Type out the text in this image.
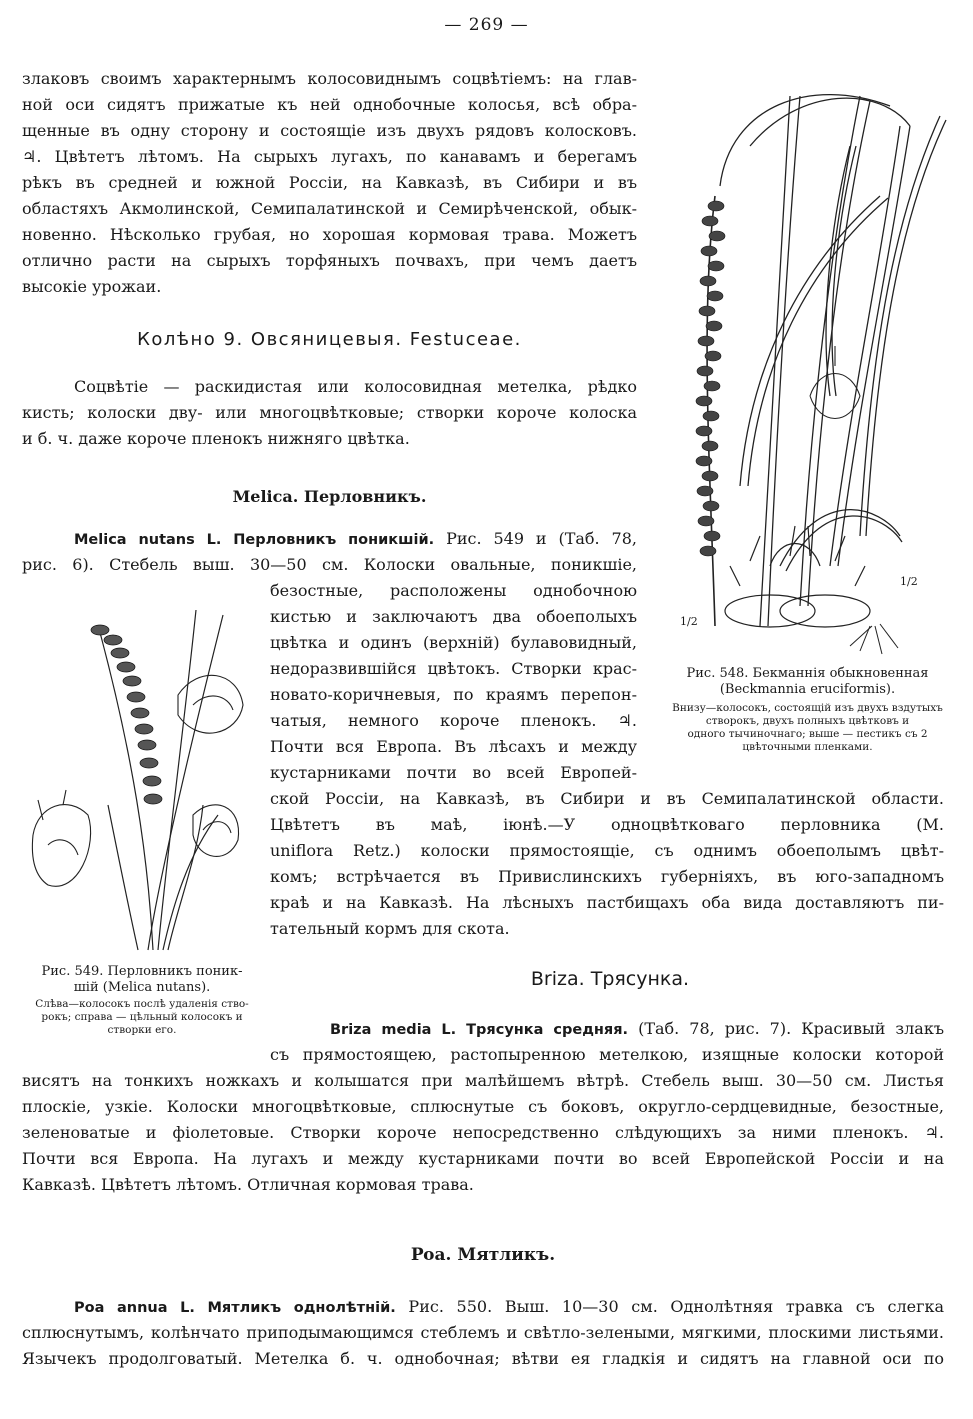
— 269 —
злаковъ своимъ характернымъ колосовиднымъ соцвѣтіемъ: на глав-
ной оси сидятъ прижатые къ ней однобочные колосья, всѣ обра-
щенные въ одну сторону и состоящіе изъ двухъ рядовъ колосковъ.
♃. Цвѣтетъ лѣтомъ. На сырыхъ лугахъ, по канавамъ и берегамъ
рѣкъ въ средней и южной Россіи, на Кавказѣ, въ Сибири и въ
областяхъ Акмолинской, Семипалатинской и Семирѣченской, обык-
новенно. Нѣсколько грубая, но хорошая кормовая трава. Можетъ
отлично расти на сырыхъ торфяныхъ почвахъ, при чемъ даетъ
высокіе урожаи.
Колѣно 9. Овсяницевыя. Festuceae.
Соцвѣтіе — раскидистая или колосовидная метелка, рѣдко
кисть; колоски дву- или многоцвѣтковые; створки короче колоска
и б. ч. даже короче пленокъ нижняго цвѣтка.
Melica. Перловникъ.
Melica nutans L. Перловникъ поникшій. Рис. 549 и (Таб. 78,
рис. 6). Стебель выш. 30—50 см. Колоски овальные, поникшіе,
безостные, расположены однобочною
кистью и заключаютъ два обоеполыхъ
цвѣтка и одинъ (верхній) булавовидный,
недоразвившійся цвѣтокъ. Створки крас-
новато-коричневыя, по краямъ перепон-
чатыя, немного короче пленокъ. ♃.
Почти вся Европа. Въ лѣсахъ и между
кустарниками почти во всей Европей-
ской Россіи, на Кавказѣ, въ Сибири и въ Семипалатинской области.
Цвѣтетъ въ маѣ, іюнѣ.—У одноцвѣтковаго перловника (M.
uniflora Retz.) колоски прямостоящіе, съ однимъ обоеполымъ цвѣт-
комъ; встрѣчается въ Привислинскихъ губерніяхъ, въ юго-западномъ
краѣ и на Кавказѣ. На лѣсныхъ пастбищахъ оба вида доставляютъ пи-
тательный кормъ для скота.
1/2
1/2
Рис. 548. Бекманнія обыкновенная
(Beckmannia eruciformis).
Внизу—колосокъ, состоящій изъ двухъ вздутыхъ створокъ, двухъ полныхъ цвѣтковъ и
одного тычиночнаго; выше — пестикъ съ 2
цвѣточными пленками.
Рис. 549. Перловникъ поник-
шій (Melica nutans).
Слѣва—колосокъ послѣ удаленія ство-
рокъ; справа — цѣльный колосокъ и
створки его.
Briza. Трясунка.
Briza media L. Трясунка средняя. (Таб. 78, рис. 7). Красивый злакъ
съ прямостоящею, растопыренною метелкою, изящные колоски которой
висятъ на тонкихъ ножкахъ и колышатся при малѣйшемъ вѣтрѣ. Стебель выш. 30—50 см. Листья
плоскіе, узкіе. Колоски многоцвѣтковые, сплюснутые съ боковъ, округло-сердцевидные, безостные,
зеленоватые и фіолетовые. Створки короче непосредственно слѣдующихъ за ними пленокъ. ♃.
Почти вся Европа. На лугахъ и между кустарниками почти во всей Европейской Россіи и на
Кавказѣ. Цвѣтетъ лѣтомъ. Отличная кормовая трава.
Poa. Мятликъ.
Poa annua L. Мятликъ однолѣтній. Рис. 550. Выш. 10—30 см. Однолѣтняя травка съ слегка
сплюснутымъ, колѣнчато приподымающимся стеблемъ и свѣтло-зелеными, мягкими, плоскими листьями.
Язычекъ продолговатый. Метелка б. ч. однобочная; вѣтви ея гладкія и сидятъ на главной оси по
